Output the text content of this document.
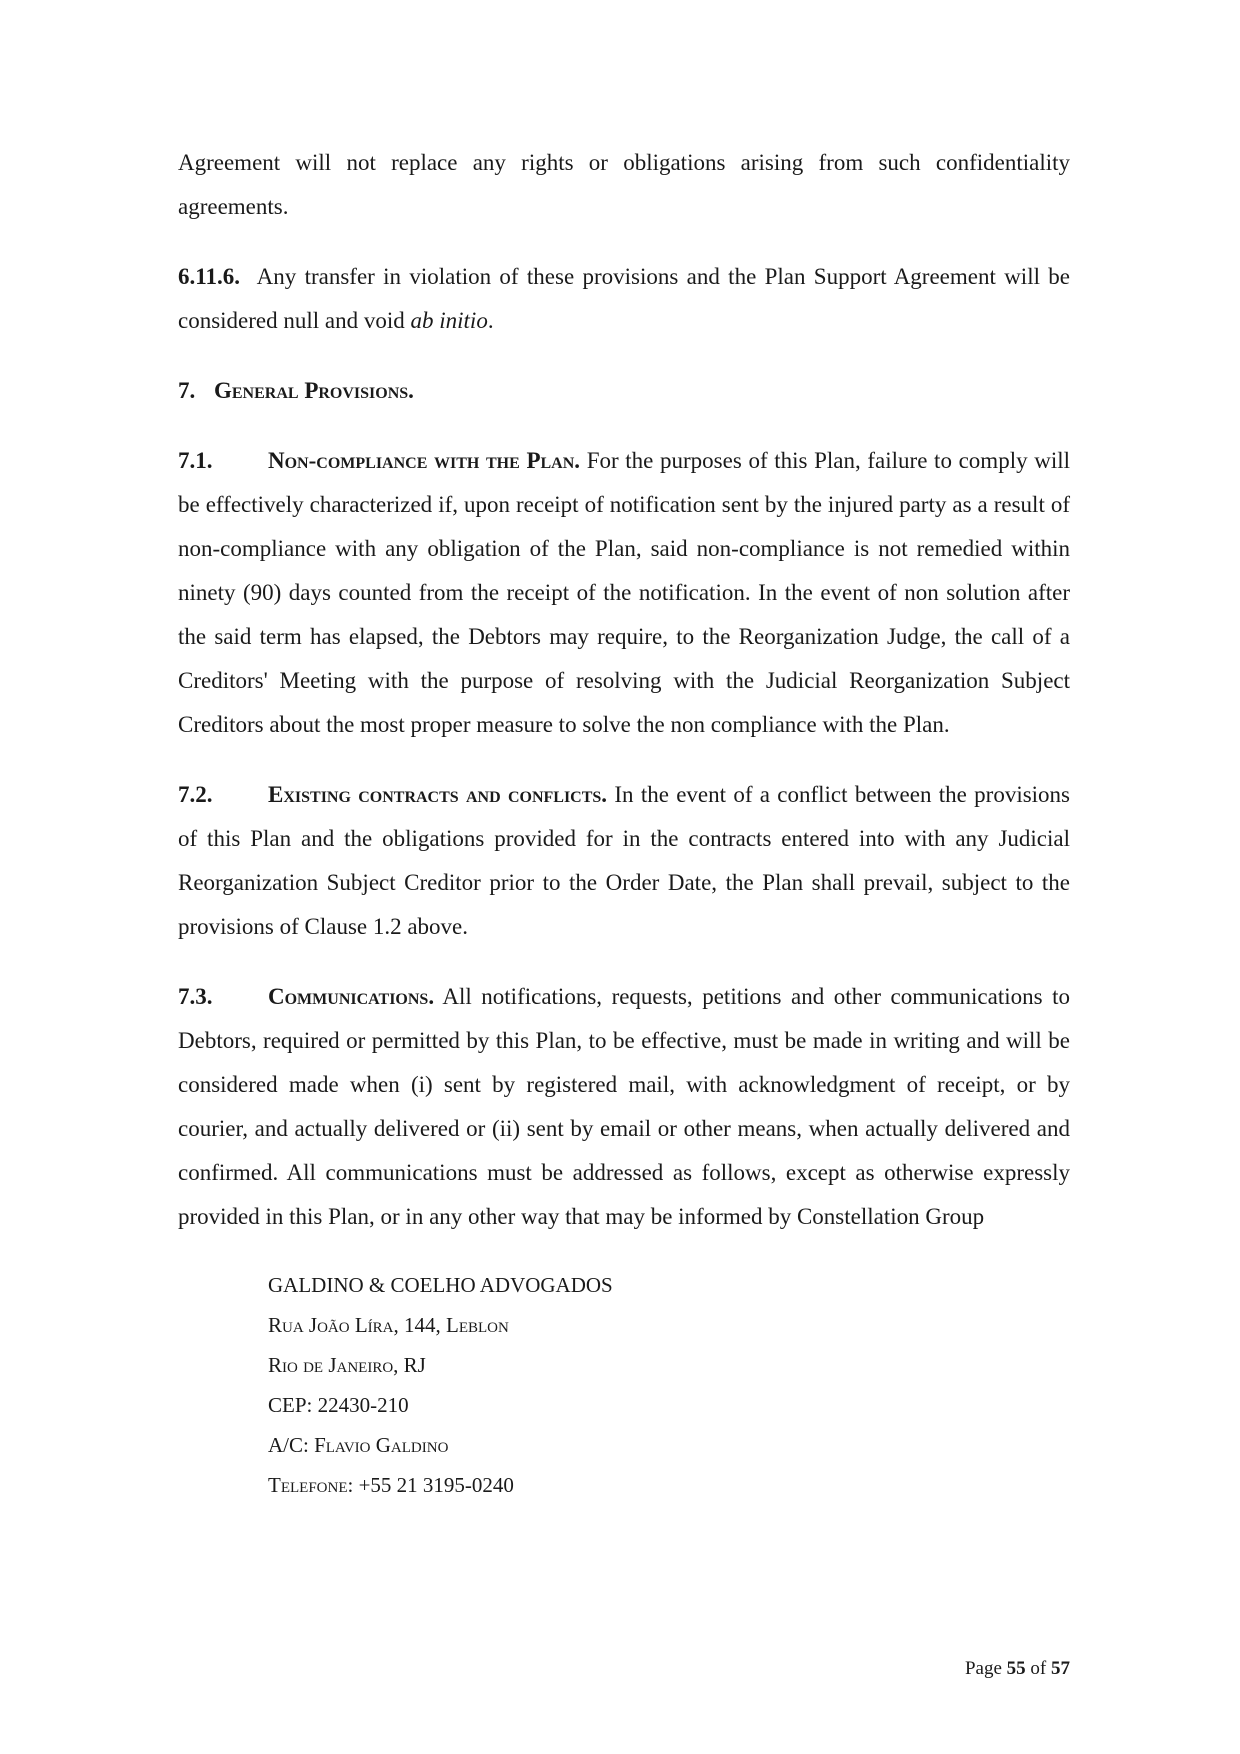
Agreement will not replace any rights or obligations arising from such confidentiality agreements.

6.11.6. Any transfer in violation of these provisions and the Plan Support Agreement will be considered null and void ab initio.

7. General Provisions.

7.1. Non-compliance with the Plan. For the purposes of this Plan, failure to comply will be effectively characterized if, upon receipt of notification sent by the injured party as a result of non-compliance with any obligation of the Plan, said non-compliance is not remedied within ninety (90) days counted from the receipt of the notification. In the event of non solution after the said term has elapsed, the Debtors may require, to the Reorganization Judge, the call of a Creditors' Meeting with the purpose of resolving with the Judicial Reorganization Subject Creditors about the most proper measure to solve the non compliance with the Plan.

7.2. Existing contracts and conflicts. In the event of a conflict between the provisions of this Plan and the obligations provided for in the contracts entered into with any Judicial Reorganization Subject Creditor prior to the Order Date, the Plan shall prevail, subject to the provisions of Clause 1.2 above.

7.3. Communications. All notifications, requests, petitions and other communications to Debtors, required or permitted by this Plan, to be effective, must be made in writing and will be considered made when (i) sent by registered mail, with acknowledgment of receipt, or by courier, and actually delivered or (ii) sent by email or other means, when actually delivered and confirmed. All communications must be addressed as follows, except as otherwise expressly provided in this Plan, or in any other way that may be informed by Constellation Group

GALDINO & COELHO ADVOGADOS
Rua João Líra, 144, Leblon
Rio de Janeiro, RJ
CEP: 22430-210
A/C: Flavio Galdino
Telefone: +55 21 3195-0240
Page 55 of 57
